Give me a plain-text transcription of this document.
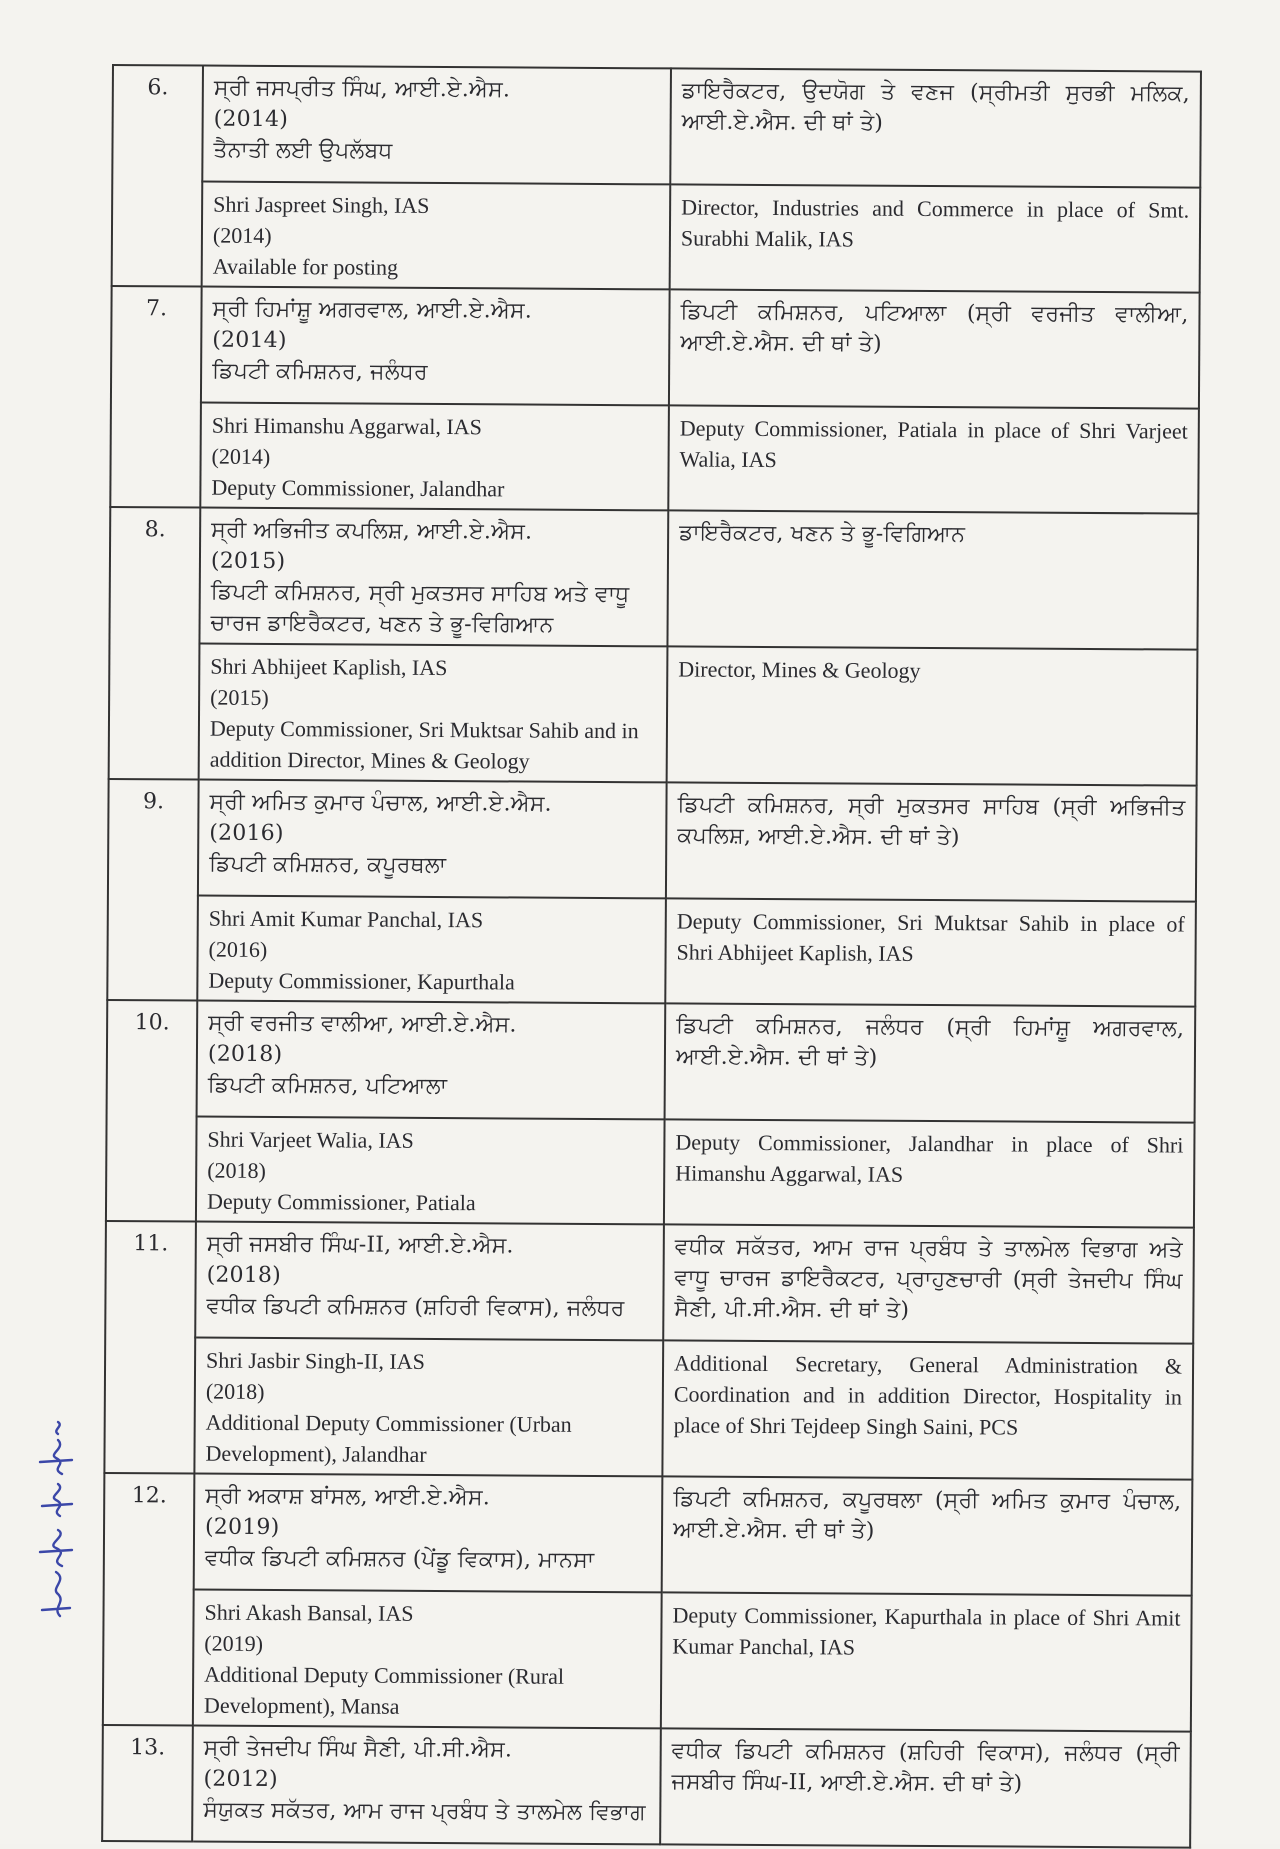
6.	ਸ੍ਰੀ ਜਸਪ੍ਰੀਤ ਸਿੰਘ, ਆਈ.ਏ.ਐਸ.
(2014)
ਤੈਨਾਤੀ ਲਈ ਉਪਲੱਬਧ	ਡਾਇਰੈਕਟਰ, ਉਦਯੋਗ ਤੇ ਵਣਜ (ਸ੍ਰੀਮਤੀ ਸੁਰਭੀ ਮਲਿਕ, ਆਈ.ਏ.ਐਸ. ਦੀ ਥਾਂ ਤੇ)

	Shri Jaspreet Singh, IAS
(2014)
Available for posting	Director, Industries and Commerce in place of Smt. Surabhi Malik, IAS
7.	ਸ੍ਰੀ ਹਿਮਾਂਸ਼ੂ ਅਗਰਵਾਲ, ਆਈ.ਏ.ਐਸ.
(2014)
ਡਿਪਟੀ ਕਮਿਸ਼ਨਰ, ਜਲੰਧਰ	ਡਿਪਟੀ ਕਮਿਸ਼ਨਰ, ਪਟਿਆਲਾ (ਸ੍ਰੀ ਵਰਜੀਤ ਵਾਲੀਆ, ਆਈ.ਏ.ਐਸ. ਦੀ ਥਾਂ ਤੇ)

	Shri Himanshu Aggarwal, IAS
(2014)
Deputy Commissioner, Jalandhar	Deputy Commissioner, Patiala in place of Shri Varjeet Walia, IAS
8.	ਸ੍ਰੀ ਅਭਿਜੀਤ ਕਪਲਿਸ਼, ਆਈ.ਏ.ਐਸ.
(2015)
ਡਿਪਟੀ ਕਮਿਸ਼ਨਰ, ਸ੍ਰੀ ਮੁਕਤਸਰ ਸਾਹਿਬ ਅਤੇ ਵਾਧੂ ਚਾਰਜ ਡਾਇਰੈਕਟਰ, ਖਣਨ ਤੇ ਭੂ-ਵਿਗਿਆਨ	ਡਾਇਰੈਕਟਰ, ਖਣਨ ਤੇ ਭੂ-ਵਿਗਿਆਨ

	Shri Abhijeet Kaplish, IAS
(2015)
Deputy Commissioner, Sri Muktsar Sahib and in addition Director, Mines & Geology	Director, Mines & Geology
9.	ਸ੍ਰੀ ਅਮਿਤ ਕੁਮਾਰ ਪੰਚਾਲ, ਆਈ.ਏ.ਐਸ.
(2016)
ਡਿਪਟੀ ਕਮਿਸ਼ਨਰ, ਕਪੂਰਥਲਾ	ਡਿਪਟੀ ਕਮਿਸ਼ਨਰ, ਸ੍ਰੀ ਮੁਕਤਸਰ ਸਾਹਿਬ (ਸ੍ਰੀ ਅਭਿਜੀਤ ਕਪਲਿਸ਼, ਆਈ.ਏ.ਐਸ. ਦੀ ਥਾਂ ਤੇ)

	Shri Amit Kumar Panchal, IAS
(2016)
Deputy Commissioner, Kapurthala	Deputy Commissioner, Sri Muktsar Sahib in place of Shri Abhijeet Kaplish, IAS
10.	ਸ੍ਰੀ ਵਰਜੀਤ ਵਾਲੀਆ, ਆਈ.ਏ.ਐਸ.
(2018)
ਡਿਪਟੀ ਕਮਿਸ਼ਨਰ, ਪਟਿਆਲਾ	ਡਿਪਟੀ ਕਮਿਸ਼ਨਰ, ਜਲੰਧਰ (ਸ੍ਰੀ ਹਿਮਾਂਸ਼ੂ ਅਗਰਵਾਲ, ਆਈ.ਏ.ਐਸ. ਦੀ ਥਾਂ ਤੇ)

	Shri Varjeet Walia, IAS
(2018)
Deputy Commissioner, Patiala	Deputy Commissioner, Jalandhar in place of Shri Himanshu Aggarwal, IAS
11.	ਸ੍ਰੀ ਜਸਬੀਰ ਸਿੰਘ-II, ਆਈ.ਏ.ਐਸ.
(2018)
ਵਧੀਕ ਡਿਪਟੀ ਕਮਿਸ਼ਨਰ (ਸ਼ਹਿਰੀ ਵਿਕਾਸ), ਜਲੰਧਰ	ਵਧੀਕ ਸਕੱਤਰ, ਆਮ ਰਾਜ ਪ੍ਰਬੰਧ ਤੇ ਤਾਲਮੇਲ ਵਿਭਾਗ ਅਤੇ ਵਾਧੂ ਚਾਰਜ ਡਾਇਰੈਕਟਰ, ਪ੍ਰਾਹੁਣਚਾਰੀ (ਸ੍ਰੀ ਤੇਜਦੀਪ ਸਿੰਘ ਸੈਣੀ, ਪੀ.ਸੀ.ਐਸ. ਦੀ ਥਾਂ ਤੇ)

	Shri Jasbir Singh-II, IAS
(2018)
Additional Deputy Commissioner (Urban Development), Jalandhar	Additional Secretary, General Administration & Coordination and in addition Director, Hospitality in place of Shri Tejdeep Singh Saini, PCS
12.	ਸ੍ਰੀ ਅਕਾਸ਼ ਬਾਂਸਲ, ਆਈ.ਏ.ਐਸ.
(2019)
ਵਧੀਕ ਡਿਪਟੀ ਕਮਿਸ਼ਨਰ (ਪੇਂਡੂ ਵਿਕਾਸ), ਮਾਨਸਾ	ਡਿਪਟੀ ਕਮਿਸ਼ਨਰ, ਕਪੂਰਥਲਾ (ਸ੍ਰੀ ਅਮਿਤ ਕੁਮਾਰ ਪੰਚਾਲ, ਆਈ.ਏ.ਐਸ. ਦੀ ਥਾਂ ਤੇ)

	Shri Akash Bansal, IAS
(2019)
Additional Deputy Commissioner (Rural Development), Mansa	Deputy Commissioner, Kapurthala in place of Shri Amit Kumar Panchal, IAS
13.	ਸ੍ਰੀ ਤੇਜਦੀਪ ਸਿੰਘ ਸੈਣੀ, ਪੀ.ਸੀ.ਐਸ.
(2012)
ਸੰਯੁਕਤ ਸਕੱਤਰ, ਆਮ ਰਾਜ ਪ੍ਰਬੰਧ ਤੇ ਤਾਲਮੇਲ ਵਿਭਾਗ	ਵਧੀਕ ਡਿਪਟੀ ਕਮਿਸ਼ਨਰ (ਸ਼ਹਿਰੀ ਵਿਕਾਸ), ਜਲੰਧਰ (ਸ੍ਰੀ ਜਸਬੀਰ ਸਿੰਘ-II, ਆਈ.ਏ.ਐਸ. ਦੀ ਥਾਂ ਤੇ)
